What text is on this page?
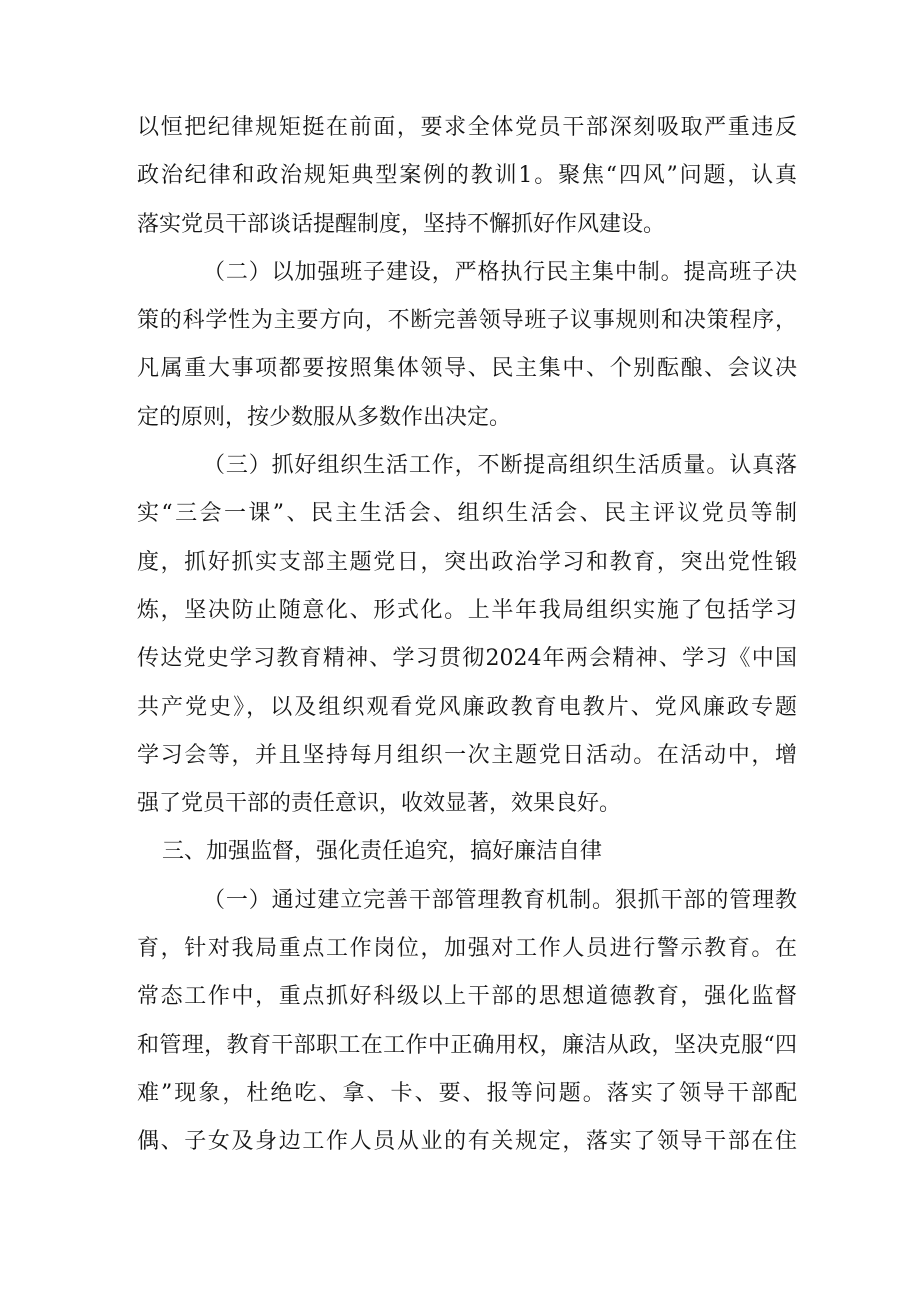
以恒把纪律规矩挺在前面，要求全体党员干部深刻吸取严重违反
政治纪律和政治规矩典型案例的教训1。聚焦“四风”问题，认真
落实党员干部谈话提醒制度，坚持不懈抓好作风建设。
（二）以加强班子建设，严格执行民主集中制。提高班子决
策的科学性为主要方向，不断完善领导班子议事规则和决策程序，
凡属重大事项都要按照集体领导、民主集中、个别酝酿、会议决
定的原则，按少数服从多数作出决定。
（三）抓好组织生活工作，不断提高组织生活质量。认真落
实“三会一课”、民主生活会、组织生活会、民主评议党员等制
度，抓好抓实支部主题党日，突出政治学习和教育，突出党性锻
炼，坚决防止随意化、形式化。上半年我局组织实施了包括学习
传达党史学习教育精神、学习贯彻2024年两会精神、学习《中国
共产党史》，以及组织观看党风廉政教育电教片、党风廉政专题
学习会等，并且坚持每月组织一次主题党日活动。在活动中，增
强了党员干部的责任意识，收效显著，效果良好。
三、加强监督，强化责任追究，搞好廉洁自律
（一）通过建立完善干部管理教育机制。狠抓干部的管理教
育，针对我局重点工作岗位，加强对工作人员进行警示教育。在
常态工作中，重点抓好科级以上干部的思想道德教育，强化监督
和管理，教育干部职工在工作中正确用权，廉洁从政，坚决克服“四
难”现象，杜绝吃、拿、卡、要、报等问题。落实了领导干部配
偶、子女及身边工作人员从业的有关规定，落实了领导干部在住
